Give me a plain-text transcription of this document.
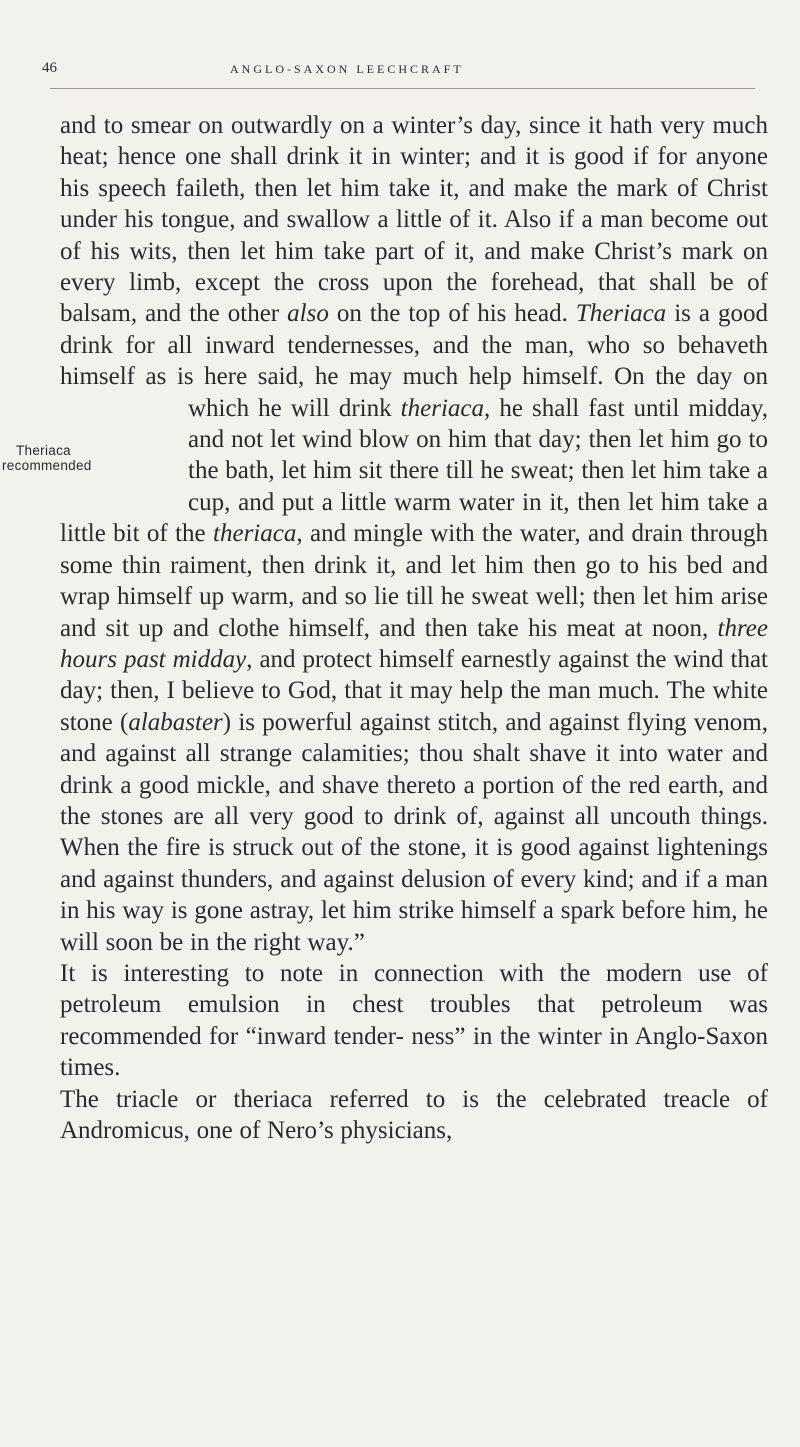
46	ANGLO-SAXON LEECHCRAFT

and to smear on outwardly on a winter’s day, since it hath very much heat; hence one shall drink it in winter; and it is good if for anyone his speech faileth, then let him take it, and make the mark of Christ under his tongue, and swallow a little of it. Also if a man become out of his wits, then let him take part of it, and make Christ’s mark on every limb, except the cross upon the forehead, that shall be of balsam, and the other also on the top of his head. Theriaca is a good drink for all inward tendernesses, and the man, who so behaveth himself as is here said, he may much help himself. On the day on which he will drink theriaca, he shall fast until midday, and not let wind blow on him that day; then let him go to the bath, let him sit there till he sweat; then let him take a cup, and put a little warm water in it, then let him take a little bit of the theriaca, and mingle with the water, and drain through some thin raiment, then drink it, and let him then go to his bed and wrap himself up warm, and so lie till he sweat well; then let him arise and sit up and clothe himself, and then take his meat at noon, three hours past midday, and protect himself earnestly against the wind that day; then, I believe to God, that it may help the man much. The white stone (alabaster) is powerful against stitch, and against flying venom, and against all strange calamities; thou shalt shave it into water and drink a good mickle, and shave thereto a portion of the red earth, and the stones are all very good to drink of, against all uncouth things. When the fire is struck out of the stone, it is good against lightenings and against thunders, and against delusion of every kind; and if a man in his way is gone astray, let him strike himself a spark before him, he will soon be in the right way.”

It is interesting to note in connection with the modern use of petroleum emulsion in chest troubles that petroleum was recommended for “inward tender- ness” in the winter in Anglo-Saxon times.

The triacle or theriaca referred to is the celebrated treacle of Andromicus, one of Nero’s physicians,

Theriaca
recommended
